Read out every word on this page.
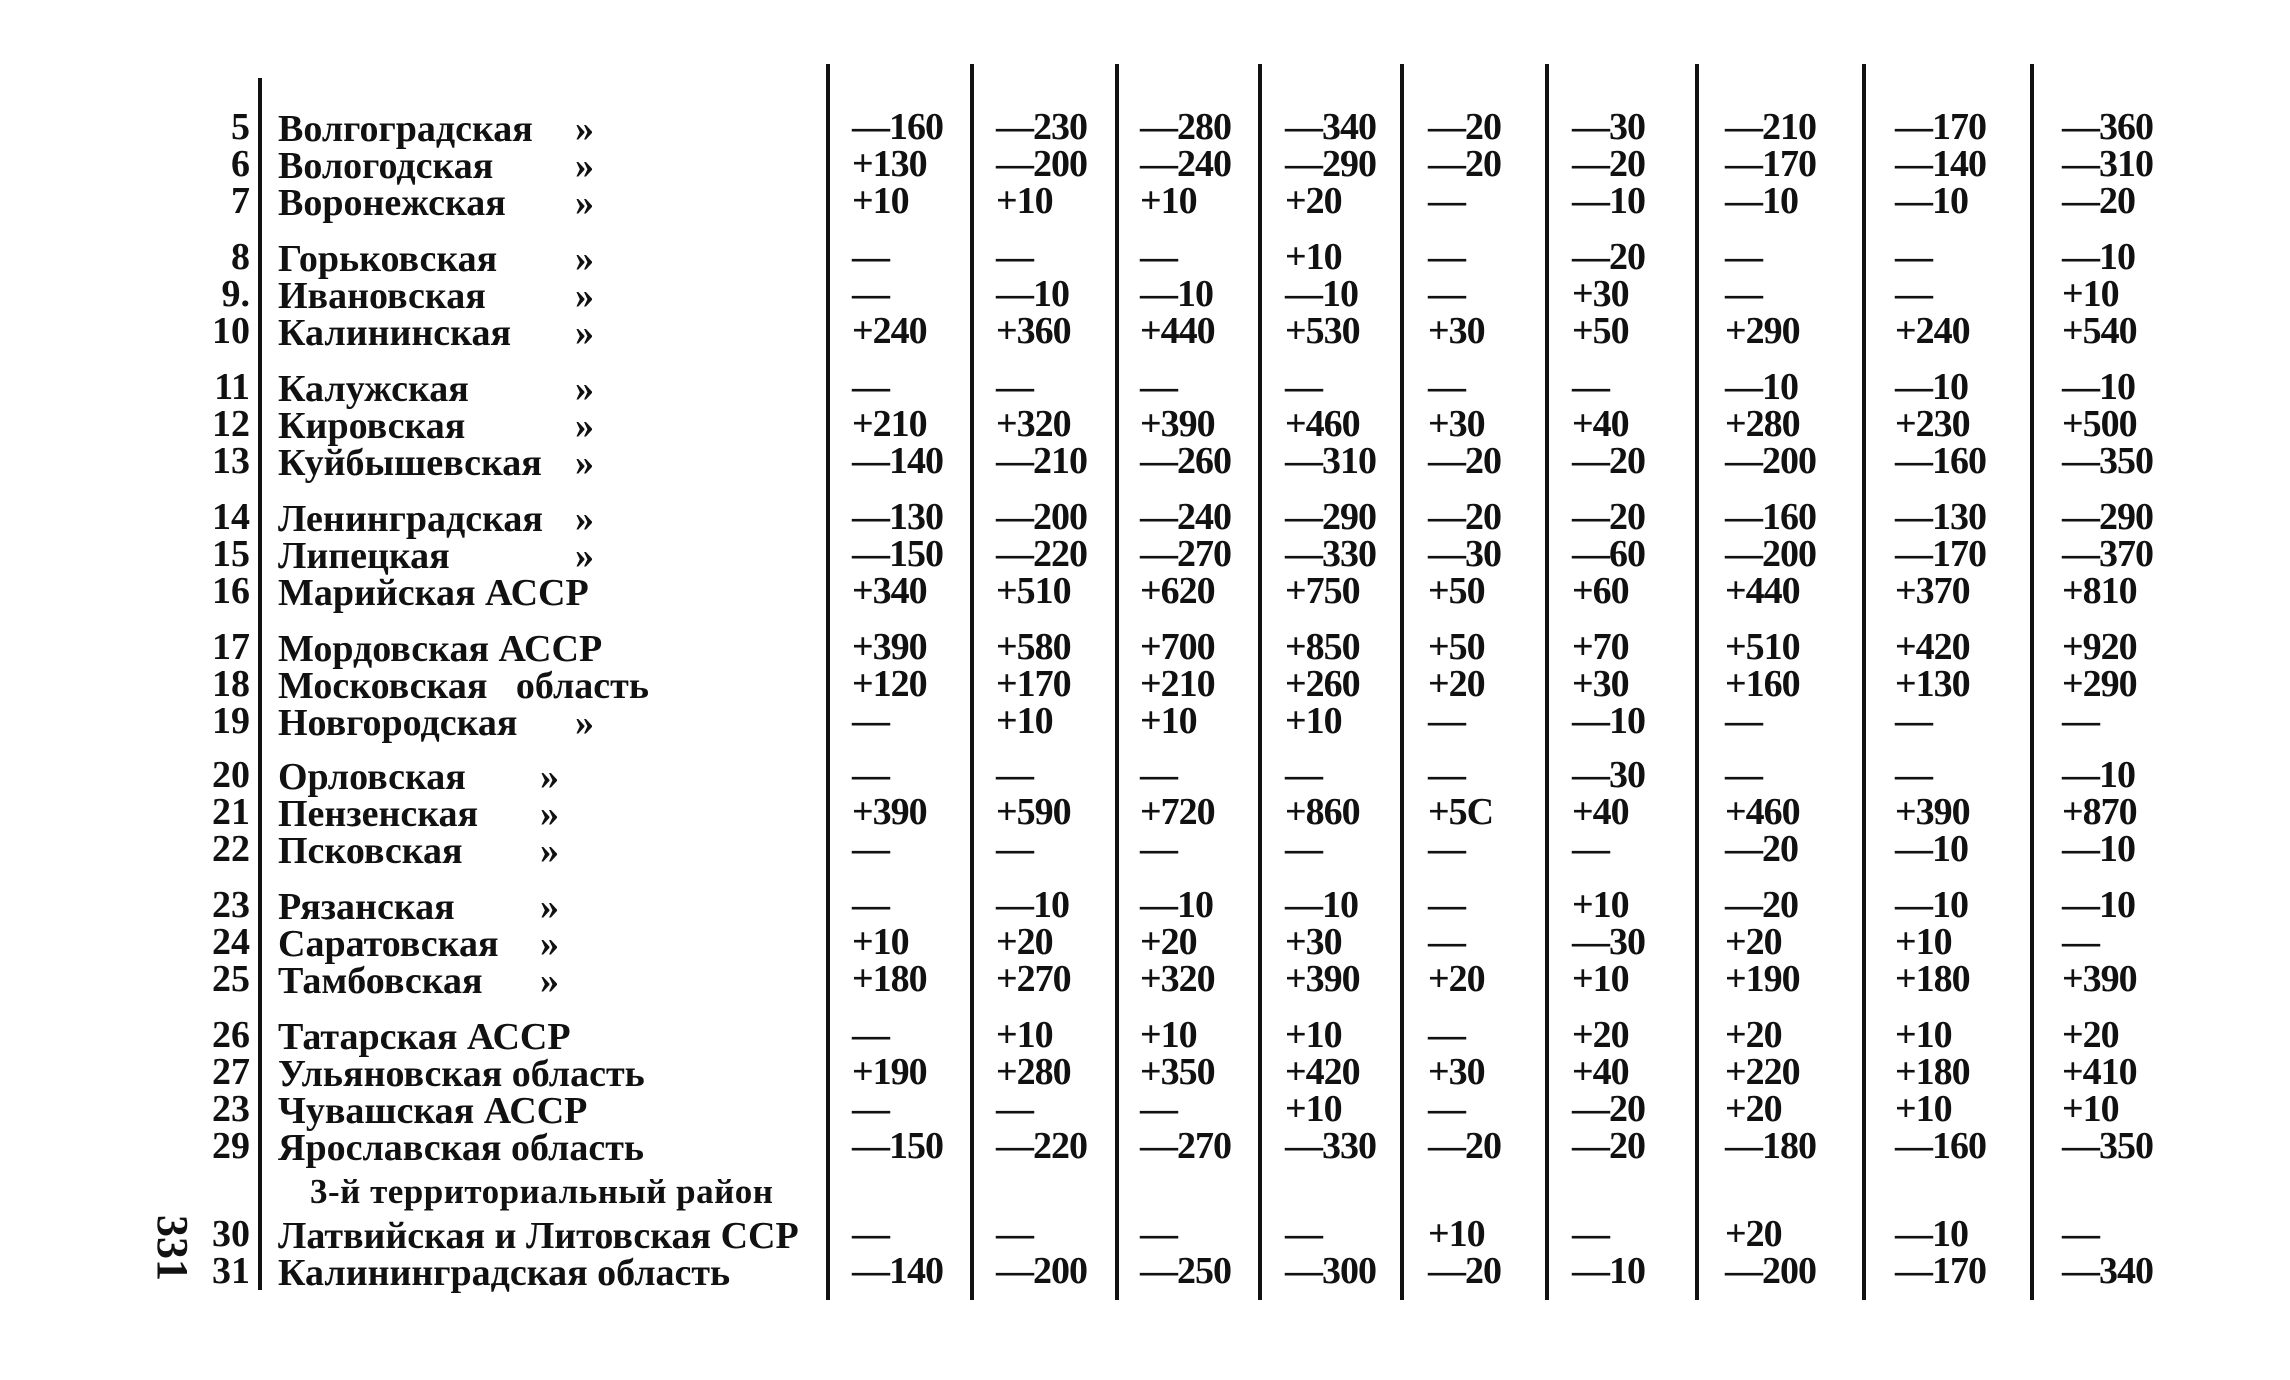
5 Волгоградская »	—160 —230 —280 —340 —20 —30 —210 —170 —360
6 Вологодская »	+130 —200 —240 —290 —20 —20 —170 —140 —310
7 Воронежская »	+10 +10 +10 +20 —	—10 —10	—10 —20
8 Горьковская »	—	—	—	+10 —	—20 —	—	—10
9. Ивановская »	—	—10 —10 —10 —	+30	—	—	+10
10 Калининская »	+240 +360 +440 +530 +30 +50	+290	+240 +540
11 Калужская	»	—	—	—	—	—	—	—10	—10 —10
12 Кировская	»	+210 +320 +390 +460 +30 +40	+280	+230 +500
13 Куйбышевская »	—140 —210 —260 —310 —20 —20 —200 —160 —350
14 Ленинградская »	—130 —200 —240 —290 —20 —20 —160 —130 —290
15 Липецкая	»	—150 —220 —270 —330 —30 —60 —200 —170 —370
16 Марийская АССР	+340 +510 +620 +750 +50 +60	+440	+370 +810
17 Мордовская АССР	+390 +580 +700 +850 +50 +70	+510	+420 +920
18 Московская   область	+120 +170 +210 +260 +20 +30	+160	+130 +290
19 Новгородская »	—	+10 +10 +10 —	—10 —	—	—
20 Орловская »	—	—	—	—	—	—30 —	—	—10
21 Пензенская »	+390 +590 +720 +860 +5C +40	+460	+390 +870
22 Псковская »	—	—	—	—	—	—	—20	—10 —10
23 Рязанская »	—	—10 —10 —10 —	+10	—20	—10 —10
24 Саратовская »	+10 +20 +20 +30 —	—30 +20	+10	—
25 Тамбовская »	+180 +270 +320 +390 +20 +10	+190	+180 +390
26 Татарская АССР	—	+10 +10 +10 —	+20	+20	+10	+20
27 Ульяновская область	+190 +280 +350 +420 +30 +40	+220	+180 +410
23 Чувашская АССР	—	—	—	+10 —	—20 +20	+10	+10
29 Ярославская область	—150 —220 —270 —330 —20 —20 —180 —160 —350
30 Латвийская и Литовская ССР —	—	—	—	+10 —	+20	—10 —
31 Калининградская область	—140 —200 —250 —300 —20 —10 —200 —170 —340
3-й территориальный район
331
